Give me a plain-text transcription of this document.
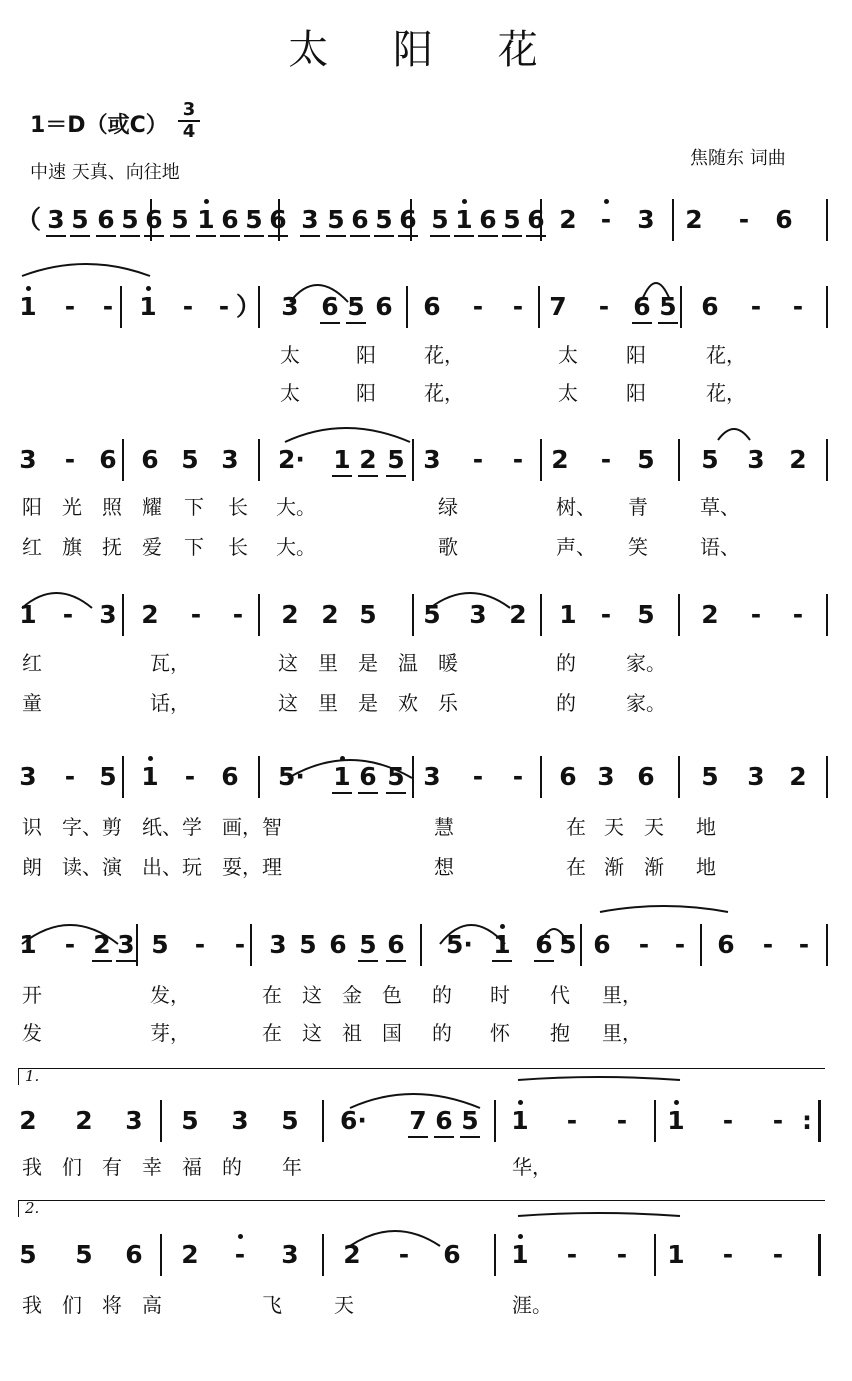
太 阳 花
1＝D（或C）
3
4
中速 天真、向往地
焦随东 词曲
（ 3 5 6 5 6 5 1 6 5 6 3 5 6 5 6 5 1 6 5 6 2 - 3 2 - 6
1 - - 1 - - ） 3 6 5 6 6 - - 7 - 6 5 6 - -
太	阳	花，	太	阳	花，
太	阳	花，	太	阳	花，
3 - 6 6 5 3 2· 1 2 5 3 - - 2 - 5 5 3 2
阳	光	照	耀	下	长	大。	绿	树、	青	草、
红	旗	抚	爱	下	长	大。	歌	声、	笑	语、
1 - 3 2 - - 2 2 5 5 3 2 1 - 5 2 - -
红	瓦，	这	里	是	温	暖	的	家。
童	话，	这	里	是	欢	乐	的	家。
3 - 5 1 - 6 5· 1 6 5 3 - - 6 3 6 5 3 2
识	字、 剪	纸、 学	画， 智	慧	在 天	天	地
朗	读、 演	出、 玩	耍， 理	想	在 渐	渐	地
1 - 2 3 5 - - 3 5 6 5 6 5· 1 6 5 6 - - 6 - -
开	发，	在	这	金	色	的	时	代	里，
发	芽，	在	这	祖	国	的	怀	抱	里，
2 2 3 5 3 5 6· 7 6 5 1 - - 1 - - :
我	们	有	幸	福	的	年	华，
5 5 6 2 - 3 2 - 6 1 - - 1 - -
我	们	将	高	飞	天	涯。
1.
2.
